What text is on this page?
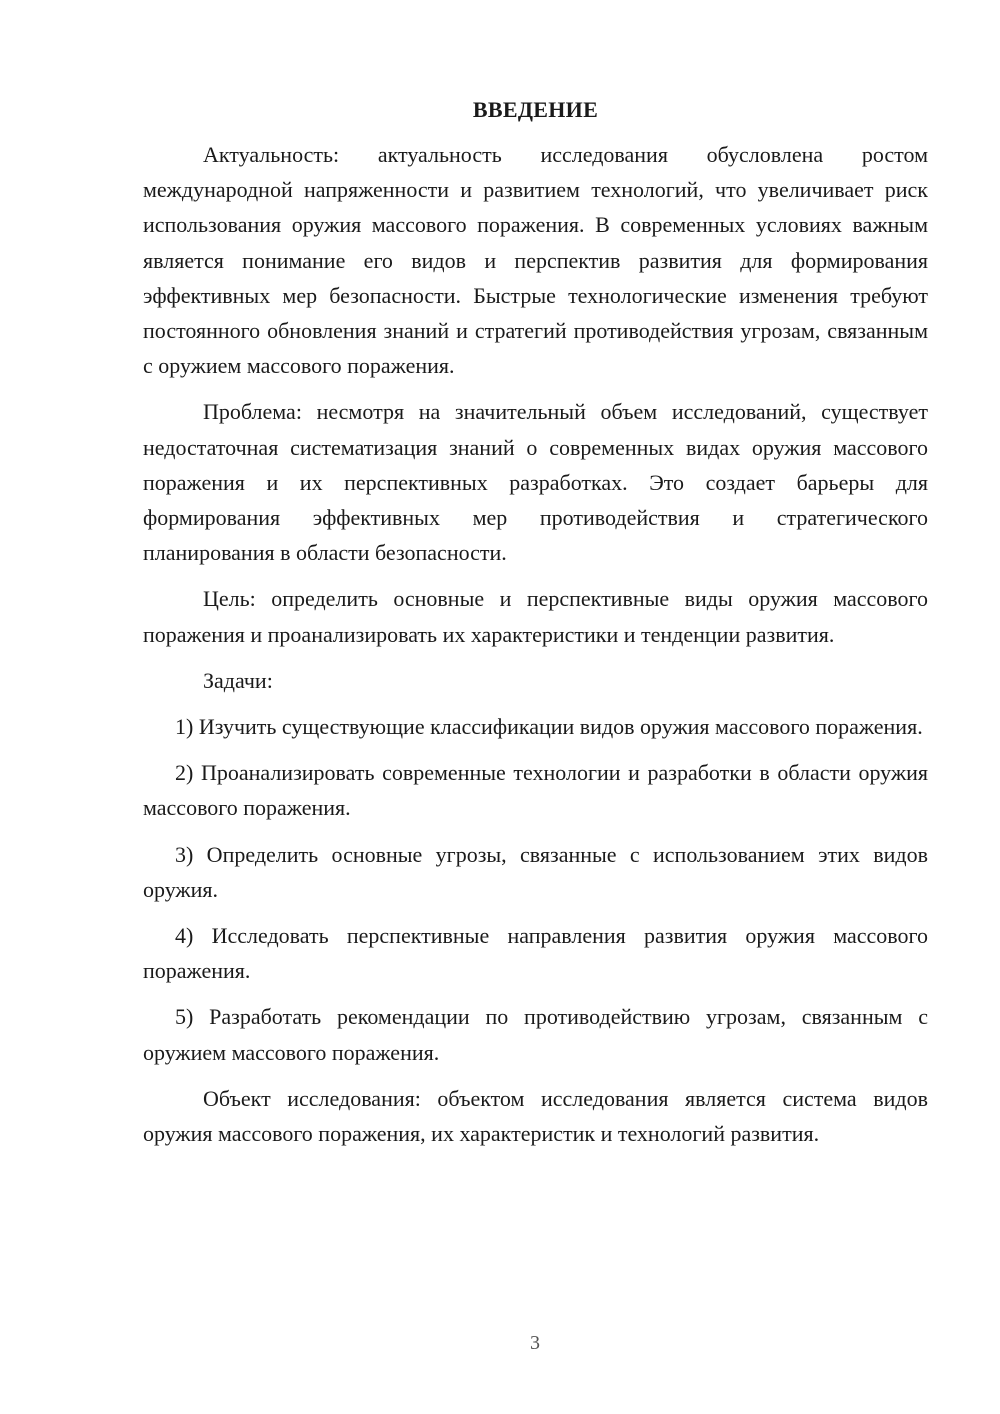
ВВЕДЕНИЕ

Актуальность: актуальность исследования обусловлена ростом международной напряженности и развитием технологий, что увеличивает риск использования оружия массового поражения. В современных условиях важным является понимание его видов и перспектив развития для формирования эффективных мер безопасности. Быстрые технологические изменения требуют постоянного обновления знаний и стратегий противодействия угрозам, связанным с оружием массового поражения.

Проблема: несмотря на значительный объем исследований, существует недостаточная систематизация знаний о современных видах оружия массового поражения и их перспективных разработках. Это создает барьеры для формирования эффективных мер противодействия и стратегического планирования в области безопасности.

Цель: определить основные и перспективные виды оружия массового поражения и проанализировать их характеристики и тенденции развития.

Задачи:

1) Изучить существующие классификации видов оружия массового поражения.

2) Проанализировать современные технологии и разработки в области оружия массового поражения.

3) Определить основные угрозы, связанные с использованием этих видов оружия.

4) Исследовать перспективные направления развития оружия массового поражения.

5) Разработать рекомендации по противодействию угрозам, связанным с оружием массового поражения.

Объект исследования: объектом исследования является система видов оружия массового поражения, их характеристик и технологий развития.

3
